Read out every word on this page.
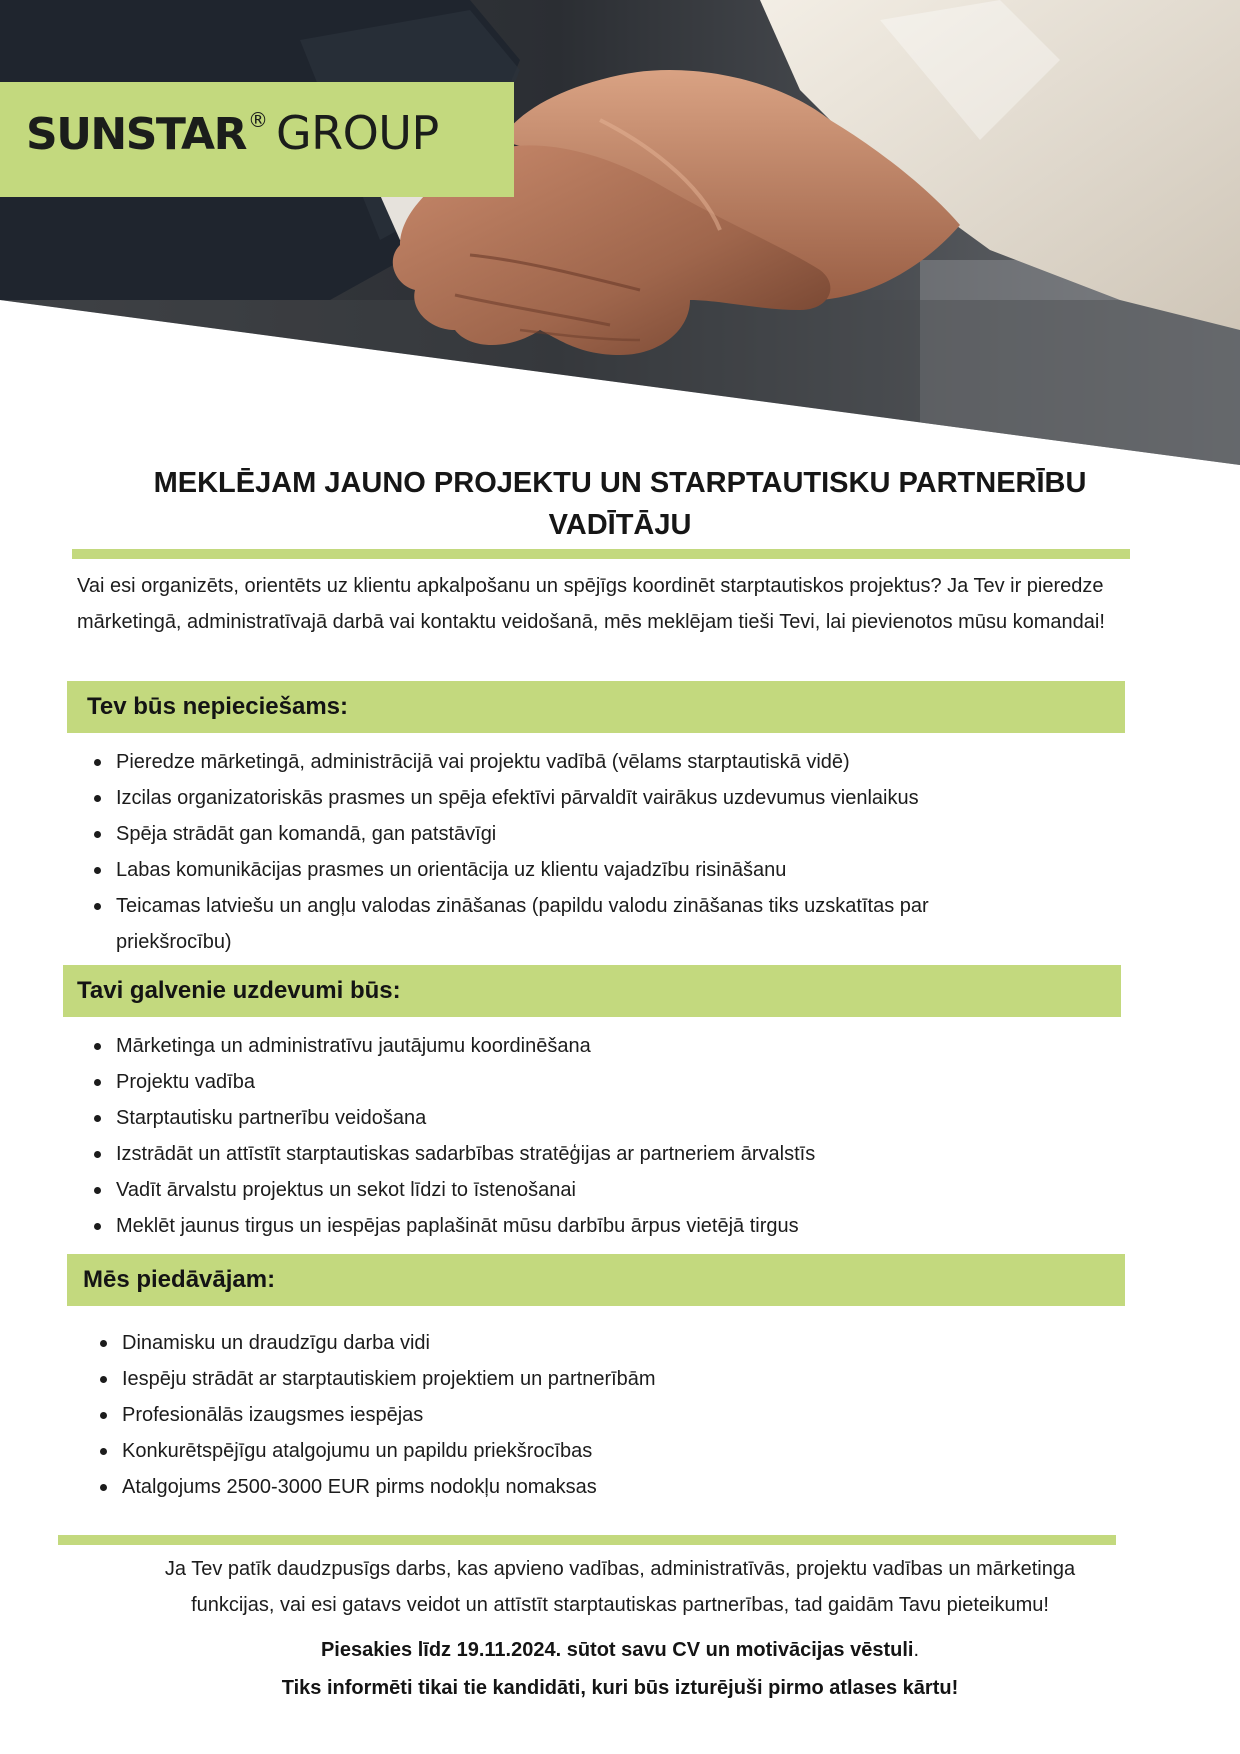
SUNSTAR ® GROUP
MEKLĒJAM JAUNO PROJEKTU UN STARPTAUTISKU PARTNERĪBU
VADĪTĀJU

Vai esi organizēts, orientēts uz klientu apkalpošanu un spējīgs koordinēt starptautiskos projektus? Ja Tev ir pieredze mārketingā, administratīvajā darbā vai kontaktu veidošanā, mēs meklējam tieši Tevi, lai pievienotos mūsu komandai!

Tev būs nepieciešams:
Pieredze mārketingā, administrācijā vai projektu vadībā (vēlams starptautiskā vidē)
Izcilas organizatoriskās prasmes un spēja efektīvi pārvaldīt vairākus uzdevumus vienlaikus
Spēja strādāt gan komandā, gan patstāvīgi
Labas komunikācijas prasmes un orientācija uz klientu vajadzību risināšanu
Teicamas latviešu un angļu valodas zināšanas (papildu valodu zināšanas tiks uzskatītas par priekšrocību)
Tavi galvenie uzdevumi būs:
Mārketinga un administratīvu jautājumu koordinēšana
Projektu vadība
Starptautisku partnerību veidošana
Izstrādāt un attīstīt starptautiskas sadarbības stratēģijas ar partneriem ārvalstīs
Vadīt ārvalstu projektus un sekot līdzi to īstenošanai
Meklēt jaunus tirgus un iespējas paplašināt mūsu darbību ārpus vietējā tirgus
Mēs piedāvājam:
Dinamisku un draudzīgu darba vidi
Iespēju strādāt ar starptautiskiem projektiem un partnerībām
Profesionālās izaugsmes iespējas
Konkurētspējīgu atalgojumu un papildu priekšrocības
Atalgojums 2500-3000 EUR pirms nodokļu nomaksas

Ja Tev patīk daudzpusīgs darbs, kas apvieno vadības, administratīvās, projektu vadības un mārketinga
funkcijas, vai esi gatavs veidot un attīstīt starptautiskas partnerības, tad gaidām Tavu pieteikumu!

Piesakies līdz 19.11.2024. sūtot savu CV un motivācijas vēstuli.
Tiks informēti tikai tie kandidāti, kuri būs izturējuši pirmo atlases kārtu!
